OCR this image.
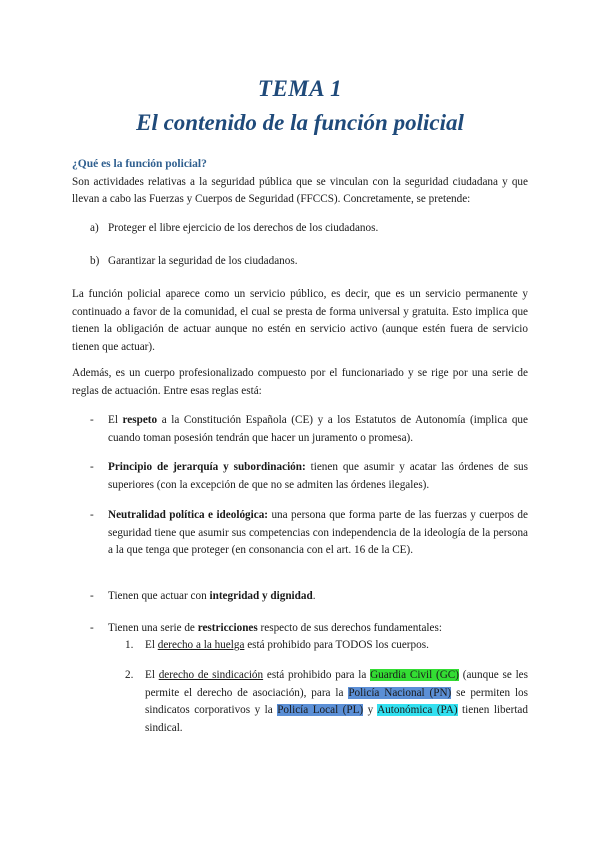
TEMA 1
El contenido de la función policial
¿Qué es la función policial?
Son actividades relativas a la seguridad pública que se vinculan con la seguridad ciudadana y que llevan a cabo las Fuerzas y Cuerpos de Seguridad (FFCCS). Concretamente, se pretende:
a) Proteger el libre ejercicio de los derechos de los ciudadanos.
b) Garantizar la seguridad de los ciudadanos.
La función policial aparece como un servicio público, es decir, que es un servicio permanente y continuado a favor de la comunidad, el cual se presta de forma universal y gratuita. Esto implica que tienen la obligación de actuar aunque no estén en servicio activo (aunque estén fuera de servicio tienen que actuar).
Además, es un cuerpo profesionalizado compuesto por el funcionariado y se rige por una serie de reglas de actuación. Entre esas reglas está:
- El respeto a la Constitución Española (CE) y a los Estatutos de Autonomía (implica que cuando toman posesión tendrán que hacer un juramento o promesa).
- Principio de jerarquía y subordinación: tienen que asumir y acatar las órdenes de sus superiores (con la excepción de que no se admiten las órdenes ilegales).
- Neutralidad política e ideológica: una persona que forma parte de las fuerzas y cuerpos de seguridad tiene que asumir sus competencias con independencia de la ideología de la persona a la que tenga que proteger (en consonancia con el art. 16 de la CE).
- Tienen que actuar con integridad y dignidad.
- Tienen una serie de restricciones respecto de sus derechos fundamentales:
1. El derecho a la huelga está prohibido para TODOS los cuerpos.
2. El derecho de sindicación está prohibido para la Guardia Civil (GC) (aunque se les permite el derecho de asociación), para la Policía Nacional (PN) se permiten los sindicatos corporativos y la Policía Local (PL) y Autonómica (PA) tienen libertad sindical.
